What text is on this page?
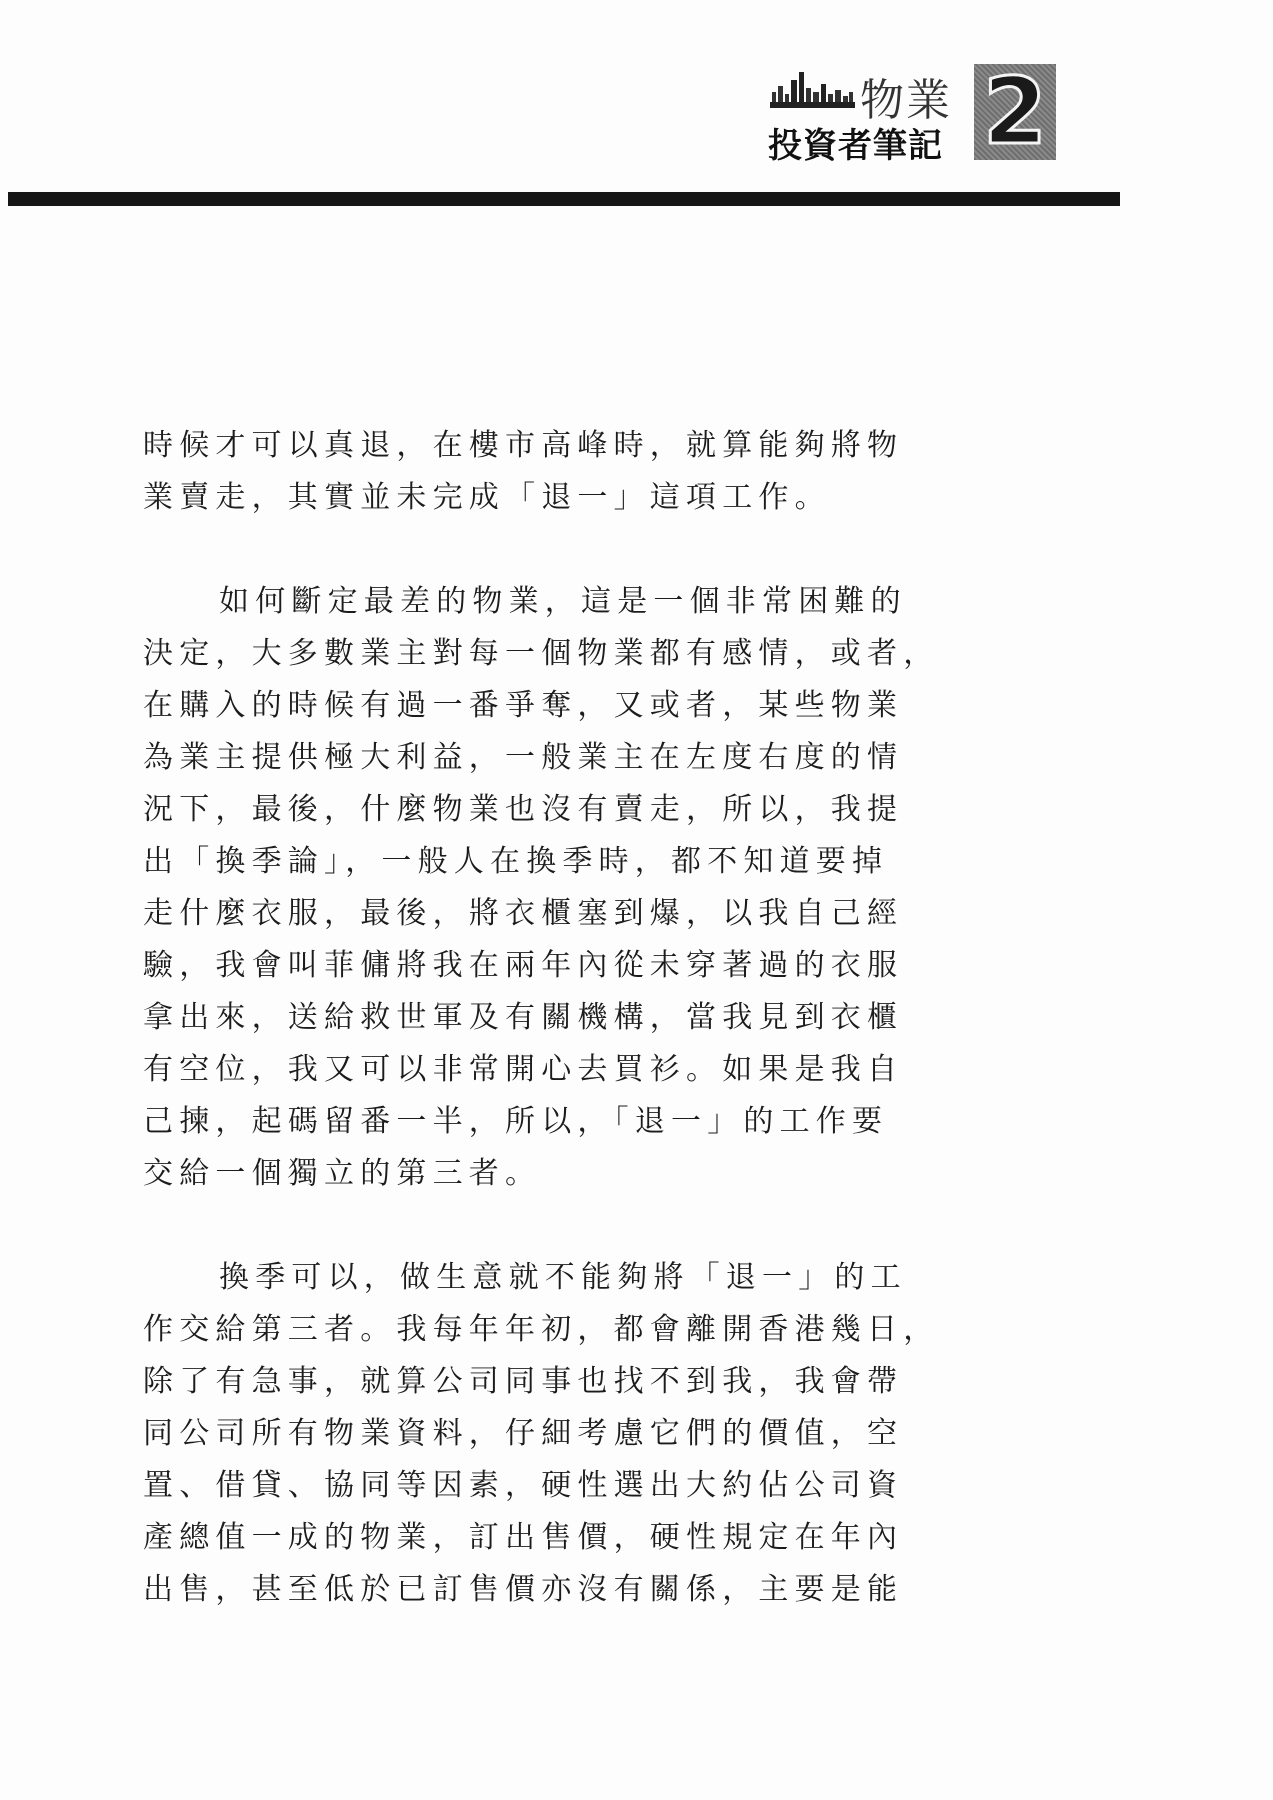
物業
投資者筆記 2

時候才可以真退，在樓市高峰時，就算能夠將物
業賣走，其實並未完成「退一」這項工作。

如何斷定最差的物業，這是一個非常困難的
決定，大多數業主對每一個物業都有感情，或者，
在購入的時候有過一番爭奪，又或者，某些物業
為業主提供極大利益，一般業主在左度右度的情
況下，最後，什麼物業也沒有賣走，所以，我提
出「換季論」，一般人在換季時，都不知道要掉
走什麼衣服，最後，將衣櫃塞到爆，以我自己經
驗，我會叫菲傭將我在兩年內從未穿著過的衣服
拿出來，送給救世軍及有關機構，當我見到衣櫃
有空位，我又可以非常開心去買衫。如果是我自
己揀，起碼留番一半，所以，「退一」的工作要
交給一個獨立的第三者。

換季可以，做生意就不能夠將「退一」的工
作交給第三者。我每年年初，都會離開香港幾日，
除了有急事，就算公司同事也找不到我，我會帶
同公司所有物業資料，仔細考慮它們的價值，空
置、借貸、協同等因素，硬性選出大約佔公司資
產總值一成的物業，訂出售價，硬性規定在年內
出售，甚至低於已訂售價亦沒有關係，主要是能
